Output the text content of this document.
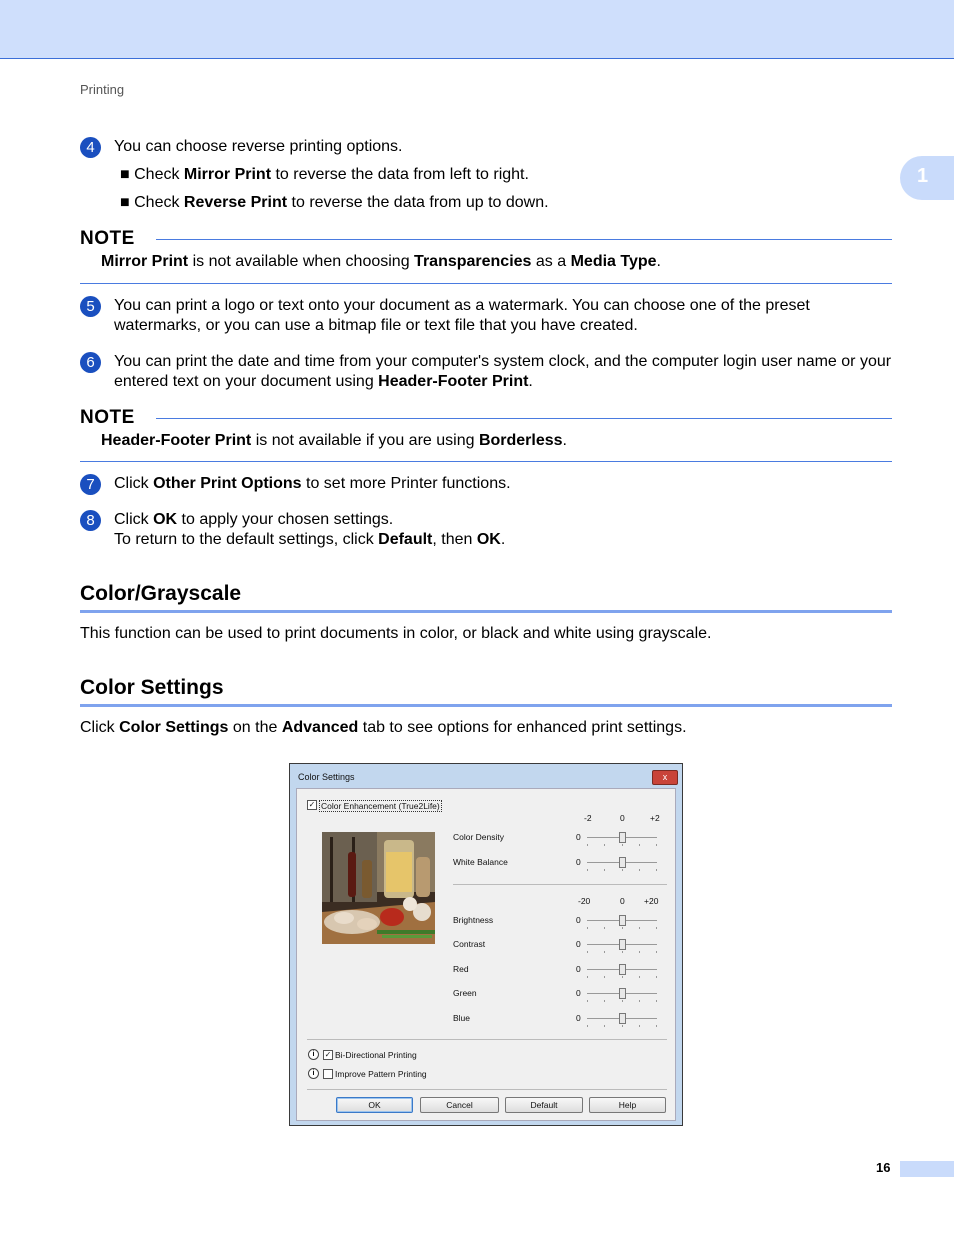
Printing
1
4	You can choose reverse printing options.
■ Check Mirror Print to reverse the data from left to right.
■ Check Reverse Print to reverse the data from up to down.
NOTE
Mirror Print is not available when choosing Transparencies as a Media Type.
5	You can print a logo or text onto your document as a watermark. You can choose one of the preset watermarks, or you can use a bitmap file or text file that you have created.
6	You can print the date and time from your computer's system clock, and the computer login user name or your entered text on your document using Header-Footer Print.
NOTE
Header-Footer Print is not available if you are using Borderless.
7	Click Other Print Options to set more Printer functions.
8	Click OK to apply your chosen settings.
To return to the default settings, click Default, then OK.
Color/Grayscale
This function can be used to print documents in color, or black and white using grayscale.
Color Settings
Click Color Settings on the Advanced tab to see options for enhanced print settings.
Color Settings	x
✓ Color Enhancement (True2Life)
-2	0	+2
Color Density	0
White Balance	0
-20	0 +20
Brightness	0
Contrast	0
Red	0
Green	0
Blue	0
i	✓ Bi-Directional Printing
i	Improve Pattern Printing
OK	Cancel	Default	Help
16
